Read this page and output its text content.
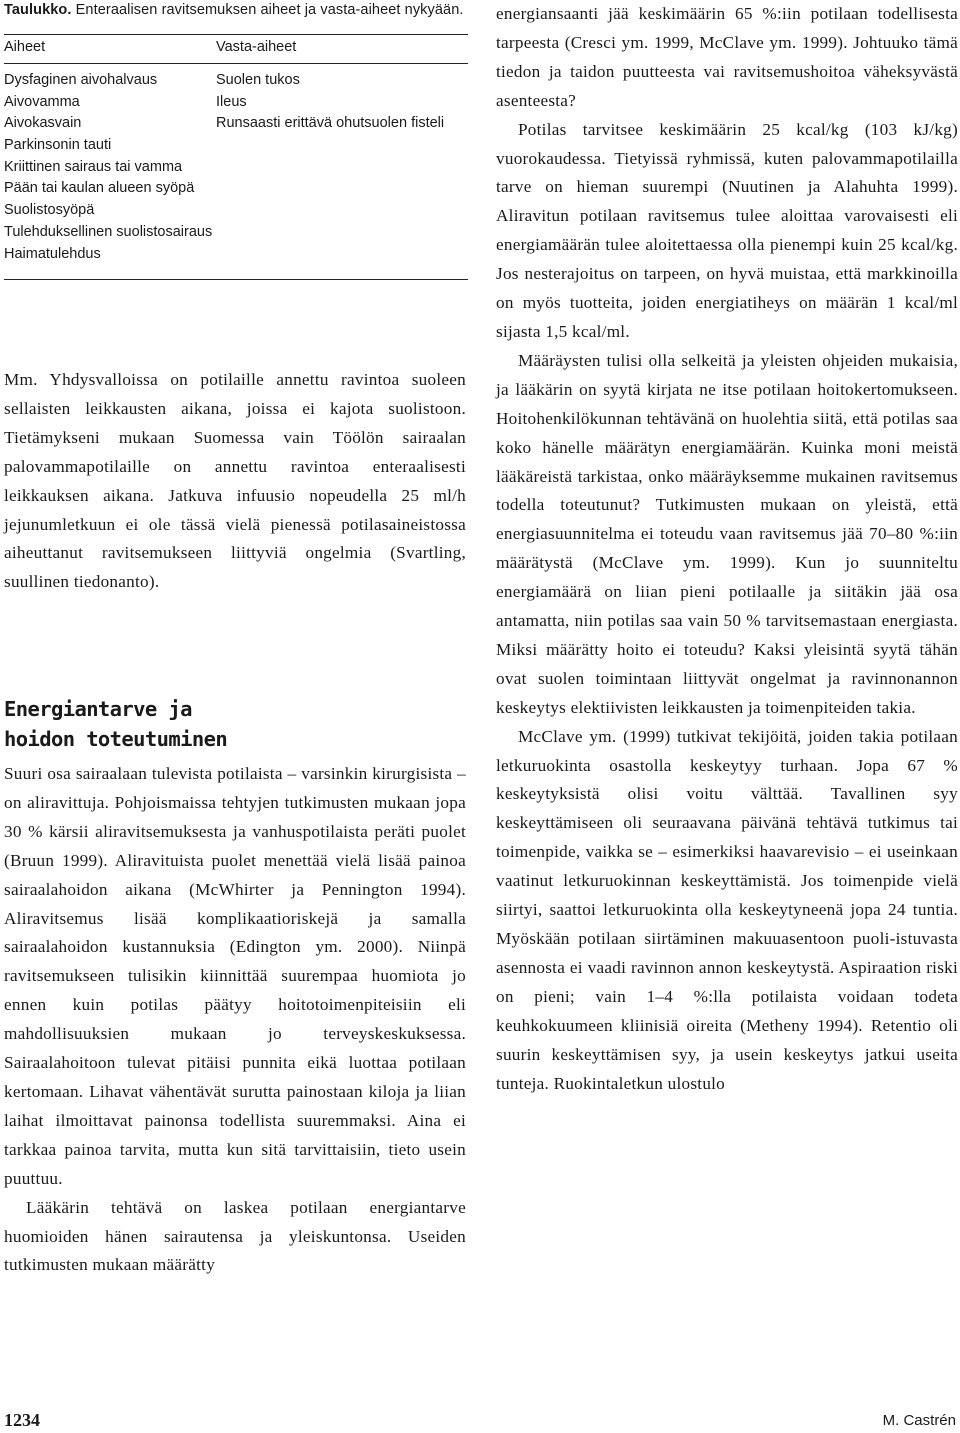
Taulukko. Enteraalisen ravitsemuksen aiheet ja vasta-aiheet nykyään.
Aiheet	Vasta-aiheet
Dysfaginen aivohalvaus	Suolen tukos
Aivovamma	Ileus
Aivokasvain	Runsaasti erittävä ohutsuolen fisteli
Parkinsonin tauti
Kriittinen sairaus tai vamma
Pään tai kaulan alueen syöpä
Suolistosyöpä
Tulehduksellinen suolistosairaus
Haimatulehdus

Mm. Yhdysvalloissa on potilaille annettu ravintoa suoleen sellaisten leikkausten aikana, joissa ei kajota suolistoon. Tietämykseni mukaan Suomessa vain Töölön sairaalan palovammapotilaille on annettu ravintoa enteraalisesti leikkauksen aikana. Jatkuva infuusio nopeudella 25 ml/h jejunumletkuun ei ole tässä vielä pienessä potilasaineistossa aiheuttanut ravitsemukseen liittyviä ongelmia (Svartling, suullinen tiedonanto).

Energiantarve ja
hoidon toteutuminen

Suuri osa sairaalaan tulevista potilaista – varsinkin kirurgisista – on aliravittuja. Pohjoismaissa tehtyjen tutkimusten mukaan jopa 30 % kärsii aliravitsemuksesta ja vanhuspotilaista peräti puolet (Bruun 1999). Aliravituista puolet menettää vielä lisää painoa sairaalahoidon aikana (McWhirter ja Pennington 1994). Aliravitsemus lisää komplikaatioriskejä ja samalla sairaalahoidon kustannuksia (Edington ym. 2000). Niinpä ravitsemukseen tulisikin kiinnittää suurempaa huomiota jo ennen kuin potilas päätyy hoitotoimenpiteisiin eli mahdollisuuksien mukaan jo terveyskeskuksessa. Sairaalahoitoon tulevat pitäisi punnita eikä luottaa potilaan kertomaan. Lihavat vähentävät surutta painostaan kiloja ja liian laihat ilmoittavat painonsa todellista suuremmaksi. Aina ei tarkkaa painoa tarvita, mutta kun sitä tarvittaisiin, tieto usein puuttuu.

Lääkärin tehtävä on laskea potilaan energiantarve huomioiden hänen sairautensa ja yleiskuntonsa. Useiden tutkimusten mukaan määrätty

energiansaanti jää keskimäärin 65 %:iin potilaan todellisesta tarpeesta (Cresci ym. 1999, McClave ym. 1999). Johtuuko tämä tiedon ja taidon puutteesta vai ravitsemushoitoa väheksyvästä asenteesta?

Potilas tarvitsee keskimäärin 25 kcal/kg (103 kJ/kg) vuorokaudessa. Tietyissä ryhmissä, kuten palovammapotilailla tarve on hieman suurempi (Nuutinen ja Alahuhta 1999). Aliravitun potilaan ravitsemus tulee aloittaa varovaisesti eli energiamäärän tulee aloitettaessa olla pienempi kuin 25 kcal/kg. Jos nesterajoitus on tarpeen, on hyvä muistaa, että markkinoilla on myös tuotteita, joiden energiatiheys on määrän 1 kcal/ml sijasta 1,5 kcal/ml.

Määräysten tulisi olla selkeitä ja yleisten ohjeiden mukaisia, ja lääkärin on syytä kirjata ne itse potilaan hoitokertomukseen. Hoitohenkilökunnan tehtävänä on huolehtia siitä, että potilas saa koko hänelle määrätyn energiamäärän. Kuinka moni meistä lääkäreistä tarkistaa, onko määräyksemme mukainen ravitsemus todella toteutunut? Tutkimusten mukaan on yleistä, että energiasuunnitelma ei toteudu vaan ravitsemus jää 70–80 %:iin määrätystä (McClave ym. 1999). Kun jo suunniteltu energiamäärä on liian pieni potilaalle ja siitäkin jää osa antamatta, niin potilas saa vain 50 % tarvitsemastaan energiasta. Miksi määrätty hoito ei toteudu? Kaksi yleisintä syytä tähän ovat suolen toimintaan liittyvät ongelmat ja ravinnonannon keskeytys elektiivisten leikkausten ja toimenpiteiden takia.

McClave ym. (1999) tutkivat tekijöitä, joiden takia potilaan letkuruokinta osastolla keskeytyy turhaan. Jopa 67 % keskeytyksistä olisi voitu välttää. Tavallinen syy keskeyttämiseen oli seuraavana päivänä tehtävä tutkimus tai toimenpide, vaikka se – esimerkiksi haavarevisio – ei useinkaan vaatinut letkuruokinnan keskeyttämistä. Jos toimenpide vielä siirtyi, saattoi letkuruokinta olla keskeytyneenä jopa 24 tuntia. Myöskään potilaan siirtäminen makuuasentoon puoli-istuvasta asennosta ei vaadi ravinnon annon keskeytystä. Aspiraation riski on pieni; vain 1–4 %:lla potilaista voidaan todeta keuhkokuumeen kliinisiä oireita (Metheny 1994). Retentio oli suurin keskeyttämisen syy, ja usein keskeytys jatkui useita tunteja. Ruokintaletkun ulostulo

1234	M. Castrén
